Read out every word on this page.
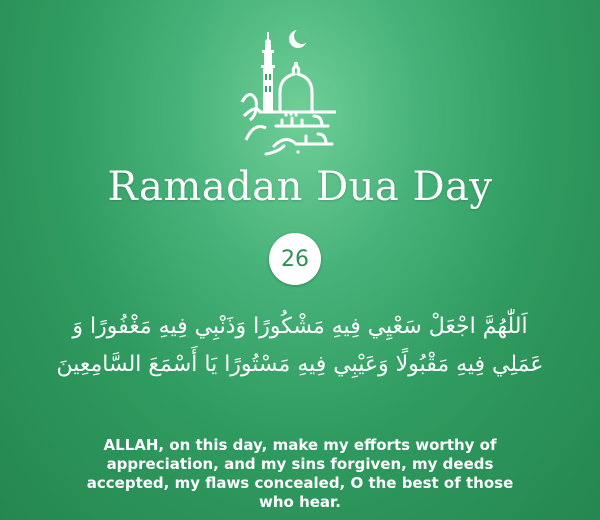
Ramadan Dua Day
26
اَللّٰهُمَّ اجْعَلْ سَعْيِي فِيهِ مَشْكُورًا وَذَنْبِي فِيهِ مَغْفُورًا وَ
عَمَلِي فِيهِ مَقْبُولًا وَعَيْبِي فِيهِ مَسْتُورًا يَا أَسْمَعَ السَّامِعِينَ
ALLAH, on this day, make my efforts worthy of appreciation, and my sins forgiven, my deeds accepted, my flaws concealed, O the best of those who hear.
